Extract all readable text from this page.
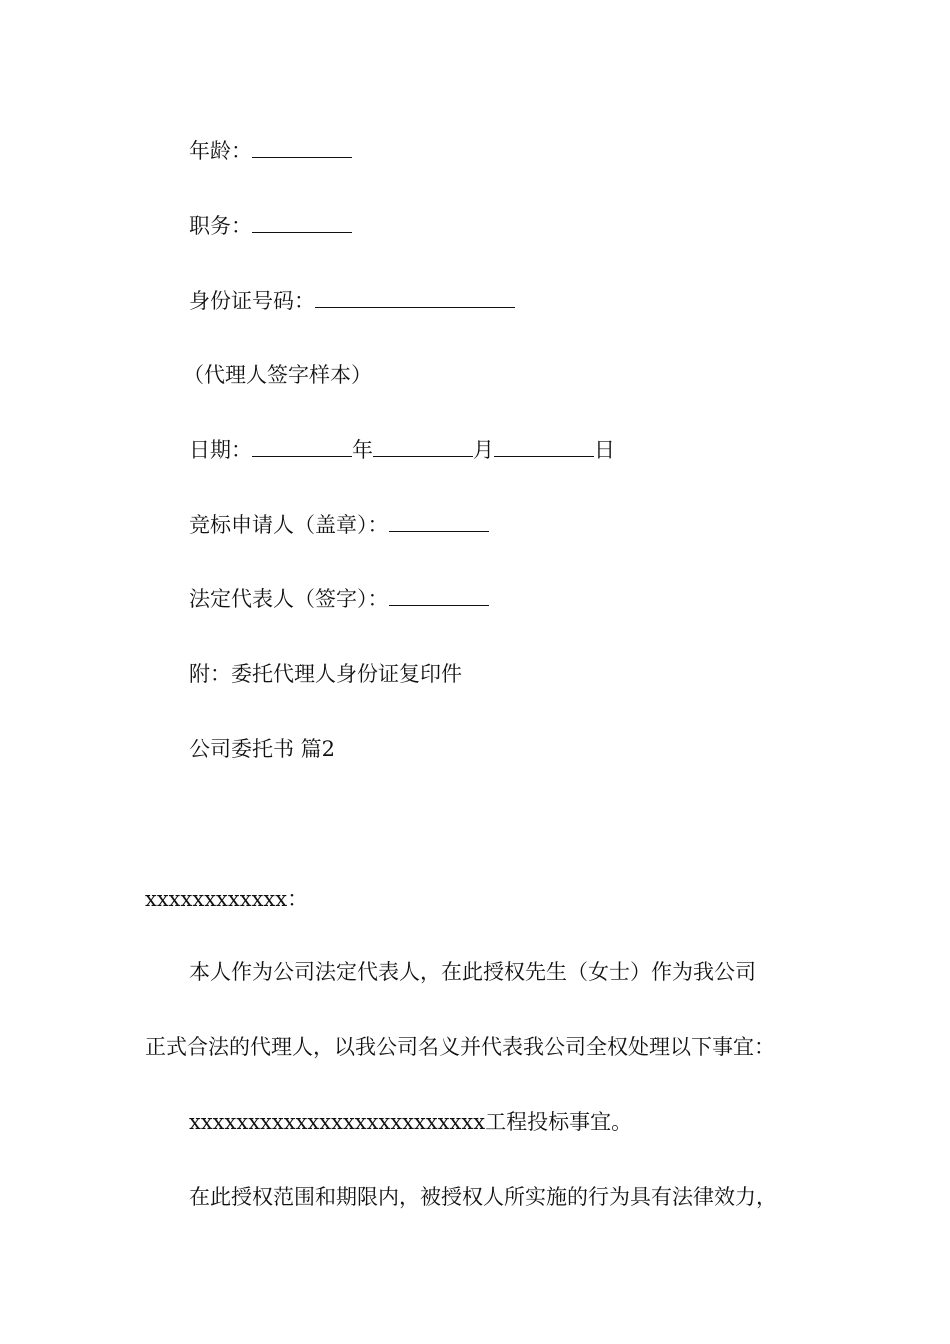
年龄：
职务：
身份证号码：
（代理人签字样本）
日期：	年	月	日
竞标申请人（盖章）：
法定代表人（签字）：
附：委托代理人身份证复印件
公司委托书 篇2
xxxxxxxxxxxx：
本人作为公司法定代表人，在此授权先生（女士）作为我公司
正式合法的代理人，以我公司名义并代表我公司全权处理以下事宜：
xxxxxxxxxxxxxxxxxxxxxxxxx工程投标事宜。
在此授权范围和期限内，被授权人所实施的行为具有法律效力，
